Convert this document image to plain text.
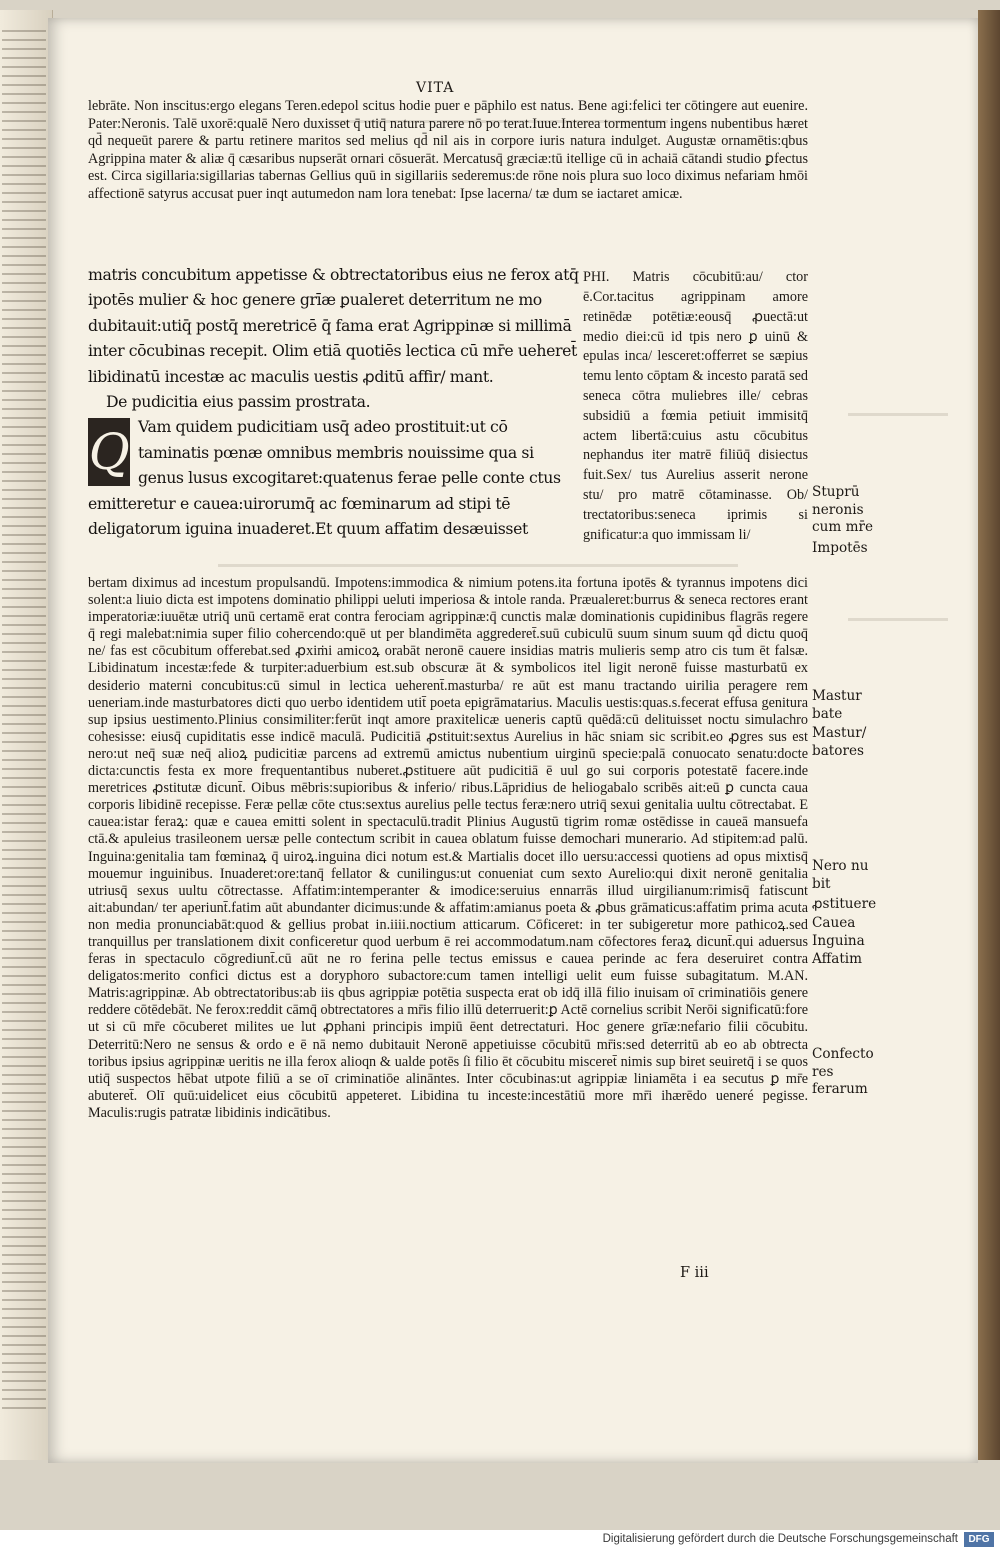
VITA

lebrāte. Non inscitus:ergo elegans Teren.edepol scitus hodie puer e pāphilo est natus. Bene agi:felici ter cōtingere aut euenire. Pater:Neronis. Talē uxorē:qualē Nero duxisset q̄ utiq̄ natura parere nō po terat.Iuue.Interea tormentum ingens nubentibus hæret qd̄ nequeūt parere & partu retinere maritos sed melius qd̄ nil ais in corpore iuris natura indulget. Augustæ ornamētis:qbus Agrippina mater & aliæ q̄ cæsaribus nupserāt ornari cōsuerāt. Mercatusq̄ græciæ:tū itellige cū in achaiā cātandi studio ꝑfectus est. Circa sigillaria:sigillarias tabernas Gellius quū in sigillariis sederemus:de rōne nois plura suo loco diximus nefariam hmōi affectionē satyrus accusat puer inqt autumedon nam lora tenebat: Ipse lacerna/ tæ dum se iactaret amicæ.

matris concubitum appetisse & obtrectatoribus eius ne ferox atq̄ ipotēs mulier & hoc genere grīæ ꝑualeret deterritum ne mo dubitauit:utiq̄ postq̄ meretricē q̄ fama erat Agrippinæ si millimā inter cōcubinas recepit. Olim etiā quotiēs lectica cū mr̄e ueheret̄ libidinatū incestæ ac maculis uestis ꝓditū affir/ mant.

De pudicitia eius passim prostrata.

Q Vam quidem pudicitiam usq̄ adeo prostituit:ut cō taminatis pœnæ omnibus membris nouissime qua si genus lusus excogitaret:quatenus ferae pelle conte ctus emitteretur e cauea:uirorumq̄ ac fœminarum ad stipi tē deligatorum iguina inuaderet.Et quum affatim desæuisset

PHI. Matris cōcubitū:au/ ctor ē.Cor.tacitus agrippinam amore retinēdæ potētiæ:eousq̄ ꝓuectā:ut medio diei:cū id tpis nero ꝑ uinū & epulas inca/ lesceret:offerret se sæpius temu lento cōptam & incesto paratā sed seneca cōtra muliebres ille/ cebras subsidiū a fœmia petiuit immisitq̄ actem libertā:cuius astu cōcubitus nephandus iter matrē filiūq̄ disiectus fuit.Sex/ tus Aurelius asserit nerone stu/ pro matrē cōtaminasse. Ob/ trectatoribus:seneca iprimis si gnificatur:a quo immissam li/

bertam diximus ad incestum propulsandū. Impotens:immodica & nimium potens.ita fortuna ipotēs & tyrannus impotens dici solent:a liuio dicta est impotens dominatio philippi ueluti imperiosa & intole randa. Præualeret:burrus & seneca rectores erant imperatoriæ:iuuētæ utriq̄ unū certamē erat contra ferociam agrippinæ:q̄ cunctis malæ dominationis cupidinibus flagrās regere q̄ regi malebat:nimia super filio cohercendo:quē ut per blandimēta aggrederet̄.suū cubiculū suum sinum suum qd̄ dictu quoq̄ ne/ fas est cōcubitum offerebat.sed ꝓxiṁi amicoꝝ orabāt neronē cauere insidias matris mulieris semp atro cis tum ēt falsæ. Libidinatum incestæ:fede & turpiter:aduerbium est.sub obscuræ āt & symbolicos itel ligit neronē fuisse masturbatū ex desiderio materni concubitus:cū simul in lectica ueherent̄.masturba/ re aūt est manu tractando uirilia peragere rem ueneriam.inde masturbatores dicti quo uerbo identidem utit̄ poeta epigrāmatarius. Maculis uestis:quas.s.fecerat effusa genitura sup ipsius uestimento.Plinius consimiliter:ferūt inqt amore praxitelicæ ueneris captū quēdā:cū delituisset noctu simulachro cohesisse: eiusq̄ cupiditatis esse indicē maculā. Pudicitiā ꝓstituit:sextus Aurelius in hāc sniam sic scribit.eo ꝓgres sus est nero:ut neq̄ suæ neq̄ alioꝝ pudicitiæ parcens ad extremū amictus nubentium uirginū specie:palā conuocato senatu:docte dicta:cunctis festa ex more frequentantibus nuberet.ꝓstituere aūt pudicitiā ē uul go sui corporis potestatē facere.inde meretrices ꝓstitutæ dicunt̄. Oibus mēbris:supioribus & inferio/ ribus.Lāpridius de heliogabalo scribēs ait:eū ꝑ cuncta caua corporis libidinē recepisse. Feræ pellæ cōte ctus:sextus aurelius pelle tectus feræ:nero utriq̄ sexui genitalia uultu cōtrectabat. E cauea:istar feraꝝ: quæ e cauea emitti solent in spectaculū.tradit Plinius Augustū tigrim romæ ostēdisse in caueā mansuefa ctā.& apuleius trasileonem uersæ pelle contectum scribit in cauea oblatum fuisse demochari munerario. Ad stipitem:ad palū. Inguina:genitalia tam fœminaꝝ q̄ uiroꝝ.inguina dici notum est.& Martialis docet illo uersu:accessi quotiens ad opus mixtisq̄ mouemur inguinibus. Inuaderet:ore:tanq̄ fellator & cunilingus:ut conueniat cum sexto Aurelio:qui dixit neronē genitalia utriusq̄ sexus uultu cōtrectasse. Affatim:intemperanter & imodice:seruius ennarrās illud uirgilianum:rimisq̄ fatiscunt ait:abundan/ ter aperiunt̄.fatim aūt abundanter dicimus:unde & affatim:amianus poeta & ꝓbus grāmaticus:affatim prima acuta non media pronunciabāt:quod & gellius probat in.iiii.noctium atticarum. Cōficeret: in ter subigeretur more pathicoꝝ.sed tranquillus per translationem dixit conficeretur quod uerbum ē rei accommodatum.nam cōfectores feraꝝ dicunt̄.qui aduersus feras in spectaculo cōgrediunt̄.cū aūt ne ro ferina pelle tectus emissus e cauea perinde ac fera deseruiret contra deligatos:merito confici dictus est a doryphoro subactore:cum tamen intelligi uelit eum fuisse subagitatum. M.AN. Matris:agrippinæ. Ab obtrectatoribus:ab iis qbus agrippiæ potētia suspecta erat ob idq̄ illā filio inuisam oī criminatiōis genere reddere cōtēdebāt. Ne ferox:reddit cāmq̄ obtrectatores a mr̄is filio illū deterruerit:ꝑ Actē cornelius scribit Nerōi significatū:fore ut si cū mr̄e cōcuberet milites ue lut ꝓphani principis impiū ēent detrectaturi. Hoc genere grīæ:nefario filii cōcubitu. Deterritū:Nero ne sensus & ordo e ē nā nemo dubitauit Neronē appetiuisse cōcubitū mr̄is:sed deterritū ab eo ab obtrecta toribus ipsius agrippinæ ueritis ne illa ferox alioqn & ualde potēs ſi filio ēt cōcubitu misceret̄ nimis sup biret seuiretq̄ i se quos utiq̄ suspectos hēbat utpote filiū a se oī criminatiōe alināntes. Inter cōcubinas:ut agrippiæ liniamēta i ea secutus ꝑ mr̄e abuteret̄. Olī quū:uidelicet eius cōcubitū appeteret. Libidina tu inceste:incestātiū more mr̄i ihærēdo ueneré pegisse. Maculis:rugis patratæ libidinis indicātibus.

Stuprū neronis cum mr̄e
Impotēs
Mastur bate
Mastur/ batores
Nero nu bit
ꝓstituere
Caueа
Inguina
Affatim
Confecto res ferarum
F iii
Digitalisierung gefördert durch die Deutsche Forschungsgemeinschaft	DFG
